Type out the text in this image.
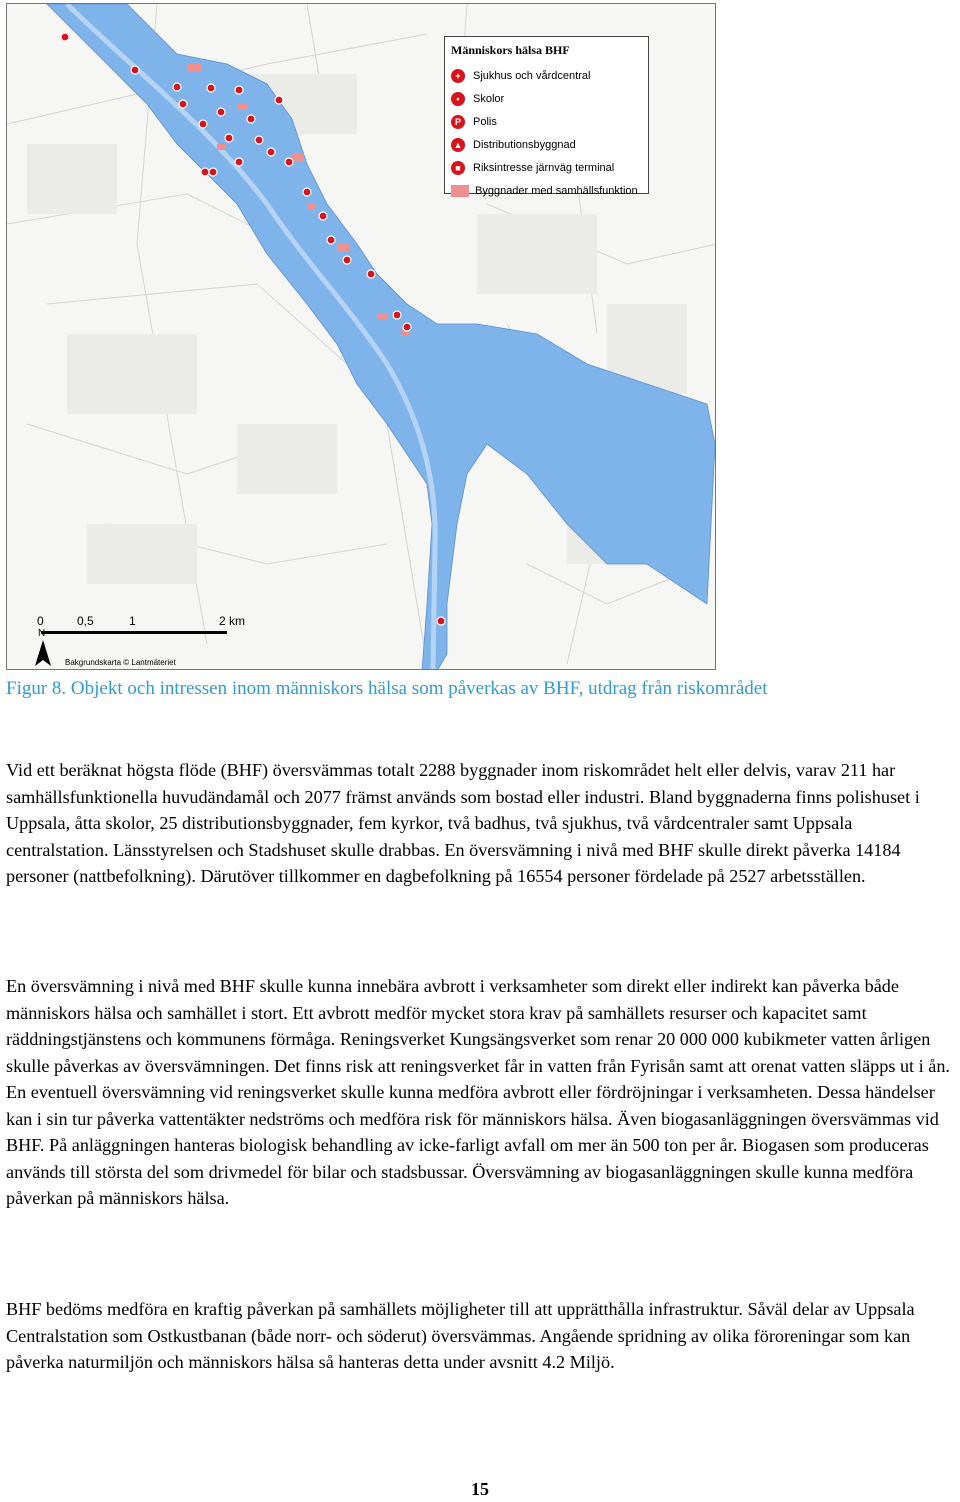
Människors hälsa BHF
+	Sjukhus och vårdcentral
•	Skolor
P	Polis
▲ Distributionsbyggnad
■	Riksintresse järnväg terminal
Byggnader med samhällsfunktion
0	0,5	1	2 km
N
Bakgrundskarta © Lantmäteriet
Figur 8. Objekt och intressen inom människors hälsa som påverkas av BHF, utdrag från riskområdet

Vid ett beräknat högsta flöde (BHF) översvämmas totalt 2288 byggnader inom riskområdet helt eller delvis, varav 211 har samhällsfunktionella huvudändamål och 2077 främst används som bostad eller industri. Bland byggnaderna finns polishuset i Uppsala, åtta skolor, 25 distributionsbyggnader, fem kyrkor, två badhus, två sjukhus, två vårdcentraler samt Uppsala centralstation. Länsstyrelsen och Stadshuset skulle drabbas. En översvämning i nivå med BHF skulle direkt påverka 14184 personer (nattbefolkning). Därutöver tillkommer en dagbefolkning på 16554 personer fördelade på 2527 arbetsställen.

En översvämning i nivå med BHF skulle kunna innebära avbrott i verksamheter som direkt eller indirekt kan påverka både människors hälsa och samhället i stort. Ett avbrott medför mycket stora krav på samhällets resurser och kapacitet samt räddningstjänstens och kommunens förmåga. Reningsverket Kungsängsverket som renar 20 000 000 kubikmeter vatten årligen skulle påverkas av översvämningen. Det finns risk att reningsverket får in vatten från Fyrisån samt att orenat vatten släpps ut i ån. En eventuell översvämning vid reningsverket skulle kunna medföra avbrott eller fördröjningar i verksamheten. Dessa händelser kan i sin tur påverka vattentäkter nedströms och medföra risk för människors hälsa. Även biogasanläggningen översvämmas vid BHF. På anläggningen hanteras biologisk behandling av icke-farligt avfall om mer än 500 ton per år. Biogasen som produceras används till största del som drivmedel för bilar och stadsbussar. Översvämning av biogasanläggningen skulle kunna medföra påverkan på människors hälsa.

BHF bedöms medföra en kraftig påverkan på samhällets möjligheter till att upprätthålla infrastruktur. Såväl delar av Uppsala Centralstation som Ostkustbanan (både norr- och söderut) översvämmas. Angående spridning av olika föroreningar som kan påverka naturmiljön och människors hälsa så hanteras detta under avsnitt 4.2 Miljö.

15
